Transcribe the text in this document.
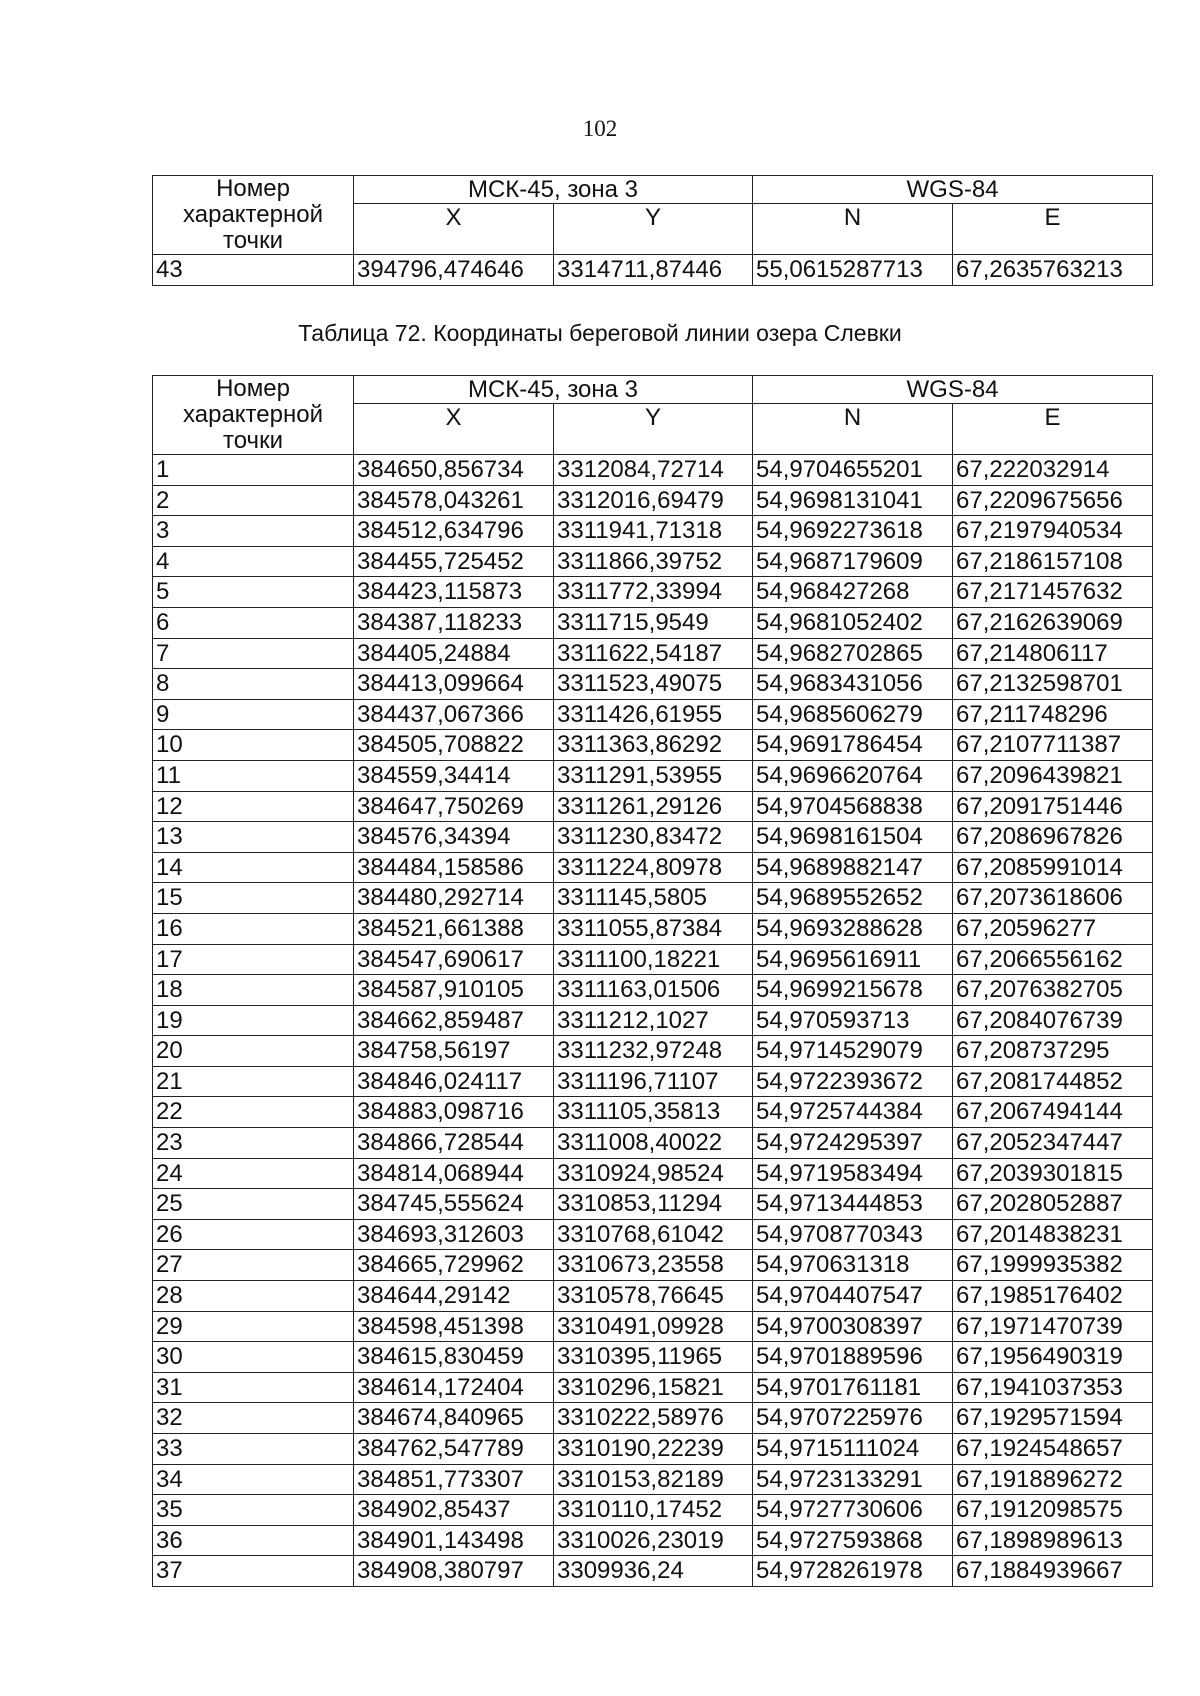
102
Номер характерной точки	МСК-45, зона 3		WGS-84	
	X	Y	N	E
43	394796,474646	3314711,87446	55,0615287713	67,2635763213
Таблица 72. Координаты береговой линии озера Слевки
Номер характерной точки	МСК-45, зона 3		WGS-84	
	X	Y	N	E
1	384650,856734	3312084,72714	54,9704655201	67,222032914
2	384578,043261	3312016,69479	54,9698131041	67,2209675656
3	384512,634796	3311941,71318	54,9692273618	67,2197940534
4	384455,725452	3311866,39752	54,9687179609	67,2186157108
5	384423,115873	3311772,33994	54,968427268	67,2171457632
6	384387,118233	3311715,9549	54,9681052402	67,2162639069
7	384405,24884	3311622,54187	54,9682702865	67,214806117
8	384413,099664	3311523,49075	54,9683431056	67,2132598701
9	384437,067366	3311426,61955	54,9685606279	67,211748296
10	384505,708822	3311363,86292	54,9691786454	67,2107711387
11	384559,34414	3311291,53955	54,9696620764	67,2096439821
12	384647,750269	3311261,29126	54,9704568838	67,2091751446
13	384576,34394	3311230,83472	54,9698161504	67,2086967826
14	384484,158586	3311224,80978	54,9689882147	67,2085991014
15	384480,292714	3311145,5805	54,9689552652	67,2073618606
16	384521,661388	3311055,87384	54,9693288628	67,20596277
17	384547,690617	3311100,18221	54,9695616911	67,2066556162
18	384587,910105	3311163,01506	54,9699215678	67,2076382705
19	384662,859487	3311212,1027	54,970593713	67,2084076739
20	384758,56197	3311232,97248	54,9714529079	67,208737295
21	384846,024117	3311196,71107	54,9722393672	67,2081744852
22	384883,098716	3311105,35813	54,9725744384	67,2067494144
23	384866,728544	3311008,40022	54,9724295397	67,2052347447
24	384814,068944	3310924,98524	54,9719583494	67,2039301815
25	384745,555624	3310853,11294	54,9713444853	67,2028052887
26	384693,312603	3310768,61042	54,9708770343	67,2014838231
27	384665,729962	3310673,23558	54,970631318	67,1999935382
28	384644,29142	3310578,76645	54,9704407547	67,1985176402
29	384598,451398	3310491,09928	54,9700308397	67,1971470739
30	384615,830459	3310395,11965	54,9701889596	67,1956490319
31	384614,172404	3310296,15821	54,9701761181	67,1941037353
32	384674,840965	3310222,58976	54,9707225976	67,1929571594
33	384762,547789	3310190,22239	54,9715111024	67,1924548657
34	384851,773307	3310153,82189	54,9723133291	67,1918896272
35	384902,85437	3310110,17452	54,9727730606	67,1912098575
36	384901,143498	3310026,23019	54,9727593868	67,1898989613
37	384908,380797	3309936,24	54,9728261978	67,1884939667
